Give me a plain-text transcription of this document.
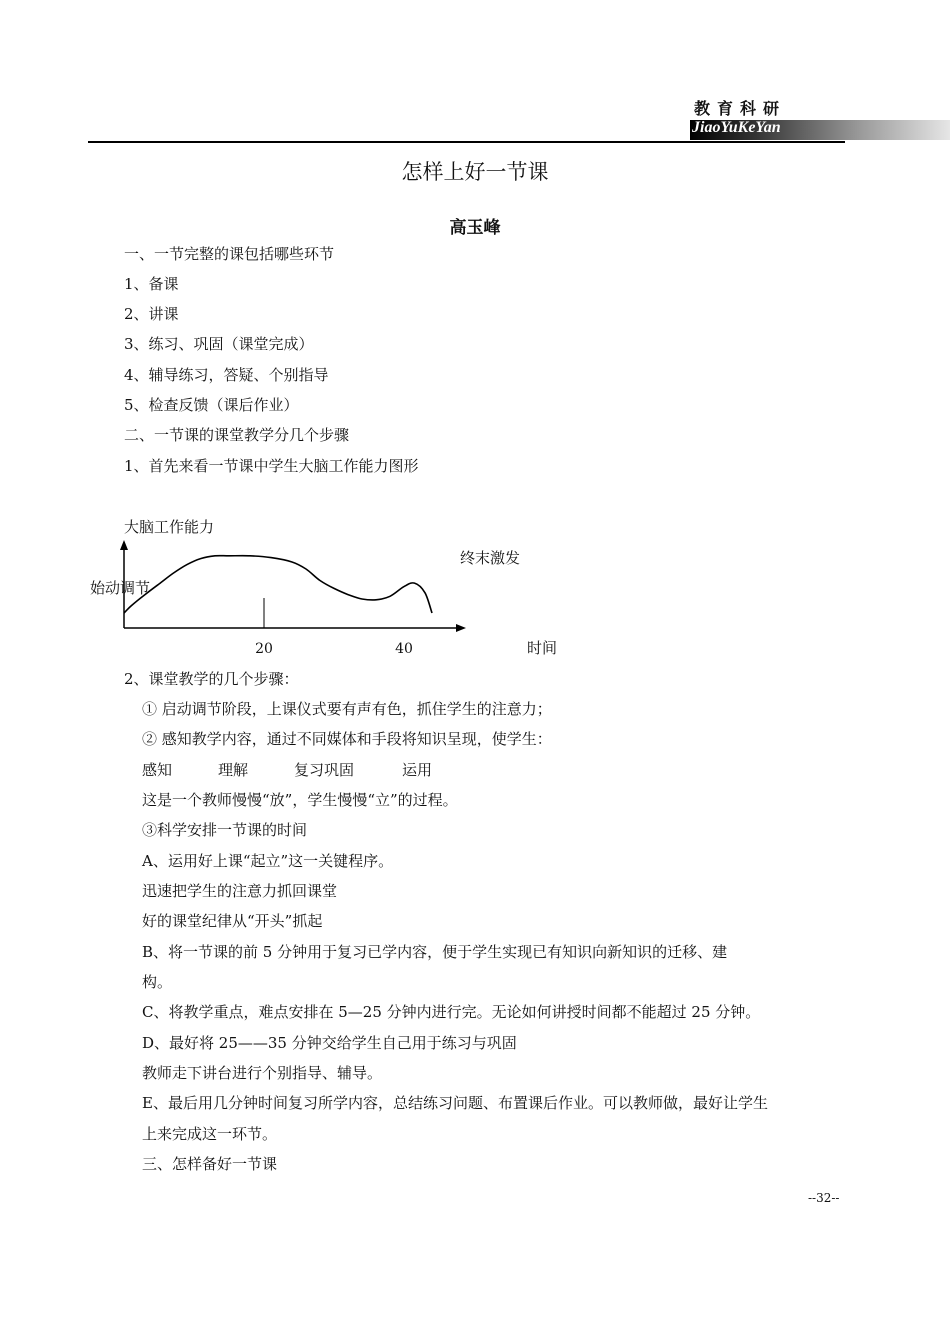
教育科研
JiaoYuKeYan
怎样上好一节课
高玉峰
一、一节完整的课包括哪些环节
1、备课
2、讲课
3、练习、巩固（课堂完成）
4、辅导练习，答疑、个别指导
5、检查反馈（课后作业）
二、一节课的课堂教学分几个步骤
1、首先来看一节课中学生大脑工作能力图形
大脑工作能力
始动调节
终末激发
20	40	时间
2、课堂教学的几个步骤：
① 启动调节阶段，上课仪式要有声有色，抓住学生的注意力；
② 感知教学内容，通过不同媒体和手段将知识呈现，使学生：
感知	理解	复习巩固	运用
这是一个教师慢慢“放”，学生慢慢“立”的过程。
③科学安排一节课的时间
A、运用好上课“起立”这一关键程序。
迅速把学生的注意力抓回课堂
好的课堂纪律从“开头”抓起
B、将一节课的前 5 分钟用于复习已学内容，便于学生实现已有知识向新知识的迁移、建
构。
C、将教学重点，难点安排在 5—25 分钟内进行完。无论如何讲授时间都不能超过 25 分钟。
D、最好将 25——35 分钟交给学生自己用于练习与巩固
教师走下讲台进行个别指导、辅导。
E、最后用几分钟时间复习所学内容，总结练习问题、布置课后作业。可以教师做，最好让学生
上来完成这一环节。
三、怎样备好一节课
--32--
